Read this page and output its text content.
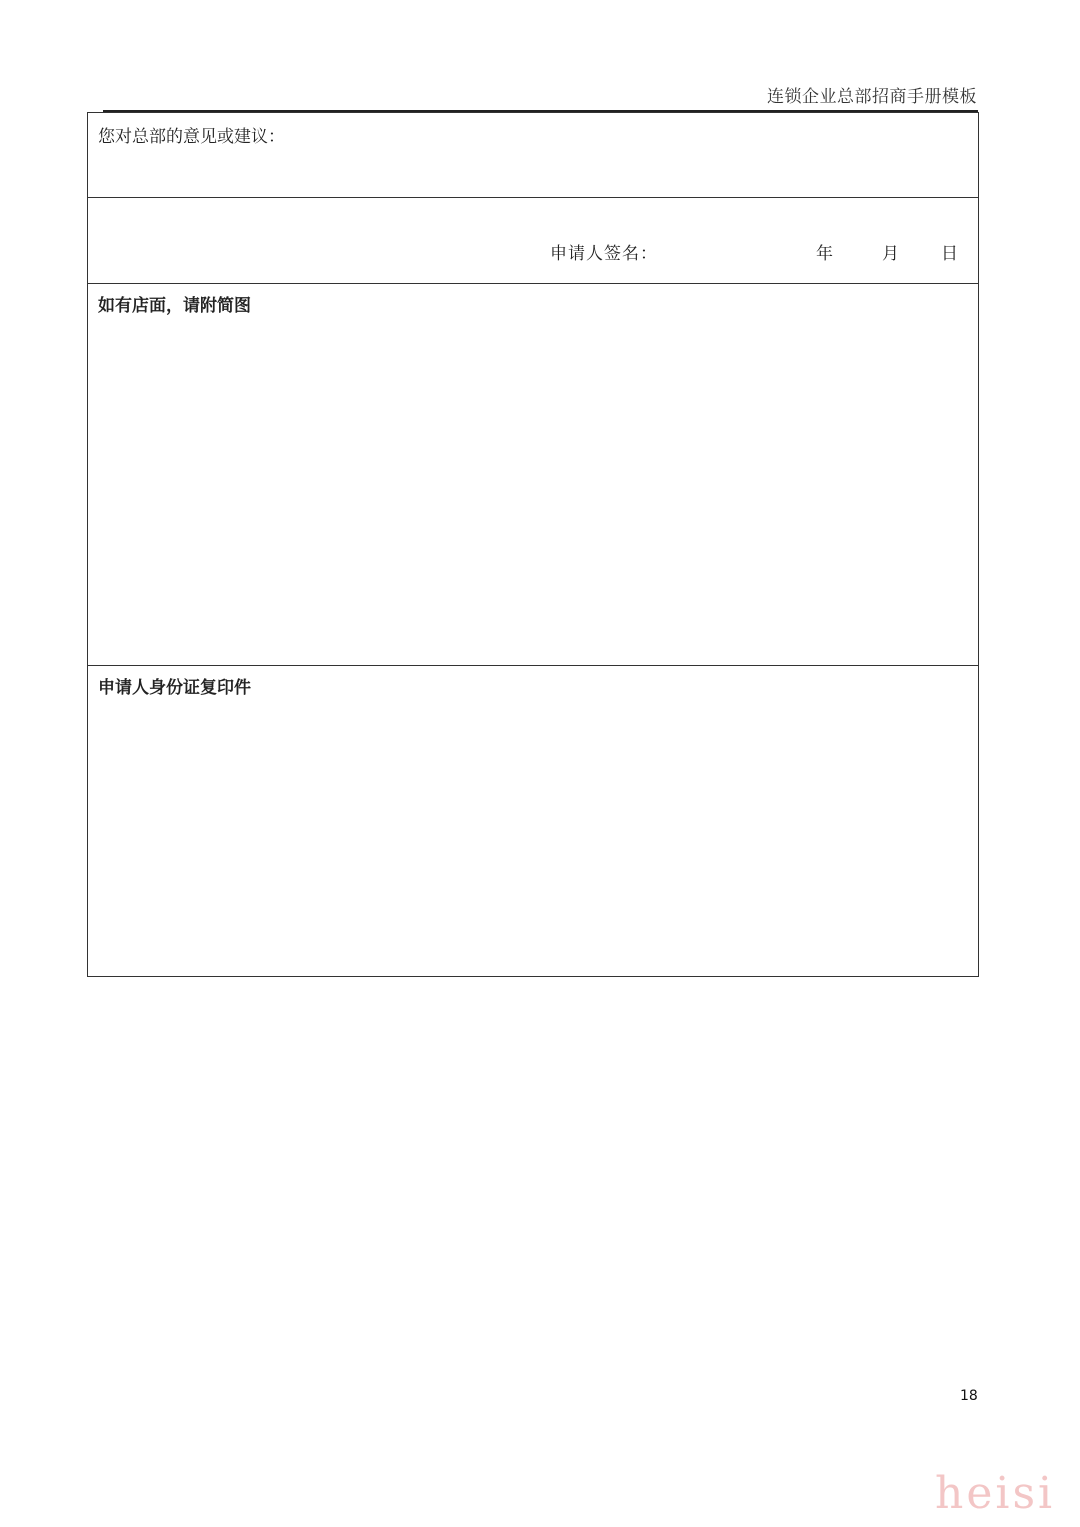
连锁企业总部招商手册模板
您对总部的意见或建议：

申请人签名：	年	月 日

如有店面，请附简图

申请人身份证复印件
18
heisi
